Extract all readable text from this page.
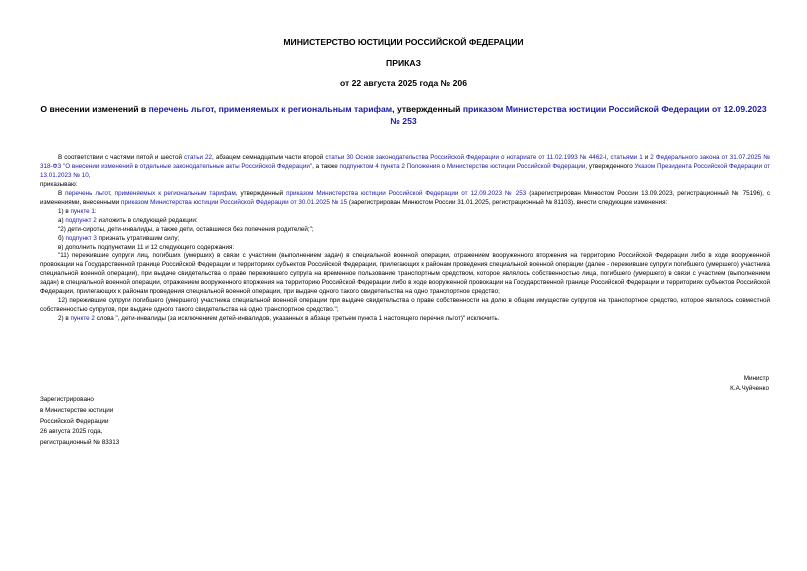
МИНИСТЕРСТВО ЮСТИЦИИ РОССИЙСКОЙ ФЕДЕРАЦИИ
ПРИКАЗ
от 22 августа 2025 года № 206
О внесении изменений в перечень льгот, применяемых к региональным тарифам, утвержденный приказом Министерства юстиции Российской Федерации от 12.09.2023 № 253

В соответствии с частями пятой и шестой статьи 22, абзацем семнадцатым части второй статьи 30 Основ законодательства Российской Федерации о нотариате от 11.02.1993 № 4462-I, статьями 1 и 2 Федерального закона от 31.07.2025 № 318-ФЗ "О внесении изменений в отдельные законодательные акты Российской Федерации", а также подпунктом 4 пункта 2 Положения о Министерстве юстиции Российской Федерации, утвержденного Указом Президента Российской Федерации от 13.01.2023 № 10,

приказываю:

В перечень льгот, применяемых к региональным тарифам, утвержденный приказом Министерства юстиции Российской Федерации от 12.09.2023 № 253 (зарегистрирован Минюстом России 13.09.2023, регистрационный № 75196), с изменениями, внесенными приказом Министерства юстиции Российской Федерации от 30.01.2025 № 15 (зарегистрирован Минюстом России 31.01.2025, регистрационный № 81103), внести следующие изменения:

1) в пункте 1:

а) подпункт 2 изложить в следующей редакции:

"2) дети-сироты, дети-инвалиды, а также дети, оставшиеся без попечения родителей;";

б) подпункт 3 признать утратившим силу;

в) дополнить подпунктами 11 и 12 следующего содержания:

"11) пережившие супруги лиц, погибших (умерших) в связи с участием (выполнением задач) в специальной военной операции, отражением вооруженного вторжения на территорию Российской Федерации либо в ходе вооруженной провокации на Государственной границе Российской Федерации и территориях субъектов Российской Федерации, прилегающих к районам проведения специальной военной операции (далее - пережившие супруги погибшего (умершего) участника специальной военной операции), при выдаче свидетельства о праве пережившего супруга на временное пользование транспортным средством, которое являлось собственностью лица, погибшего (умершего) в связи с участием (выполнением задач) в специальной военной операции, отражением вооруженного вторжения на территорию Российской Федерации либо в ходе вооруженной провокации на Государственной границе Российской Федерации и территориях субъектов Российской Федерации, прилегающих к районам проведения специальной военной операции, при выдаче одного такого свидетельства на одно транспортное средство;

12) пережившие супруги погибшего (умершего) участника специальной военной операции при выдаче свидетельства о праве собственности на долю в общем имуществе супругов на транспортное средство, которое являлось совместной собственностью супругов, при выдаче одного такого свидетельства на одно транспортное средство.";

2) в пункте 2 слова ", дети-инвалиды (за исключением детей-инвалидов, указанных в абзаце третьем пункта 1 настоящего перечня льгот)" исключить.

Министр
К.А.Чуйченко
Зарегистрировано
в Министерстве юстиции
Российской Федерации
26 августа 2025 года,
регистрационный № 83313
